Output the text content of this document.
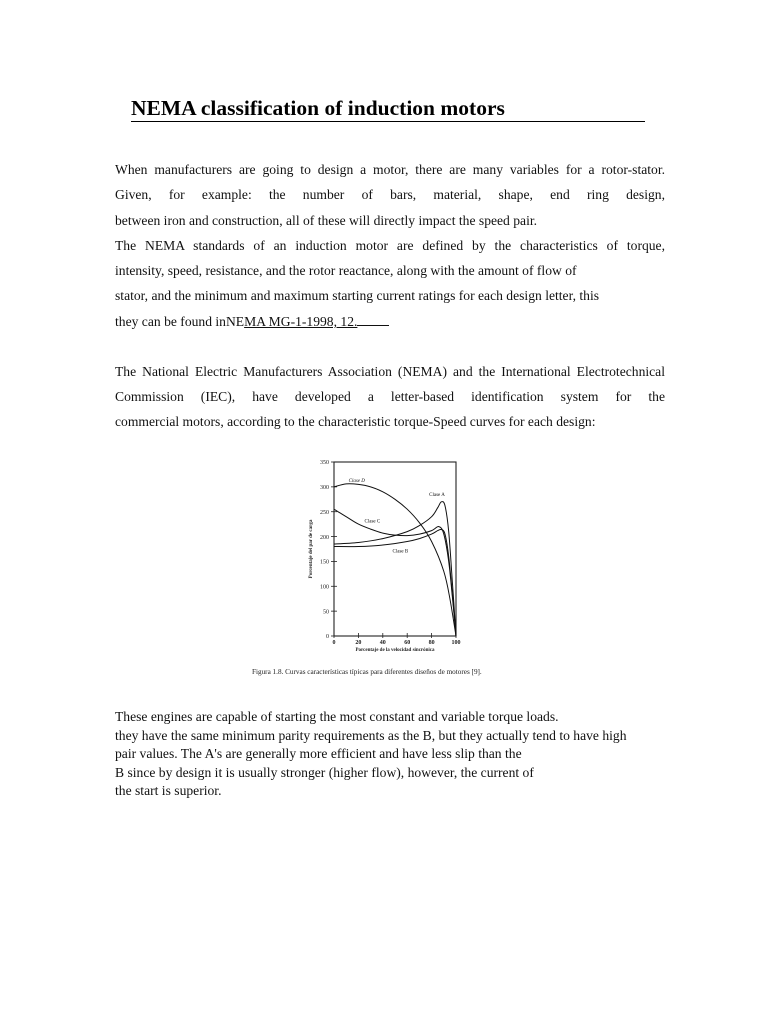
NEMA classification of induction motors
When manufacturers are going to design a motor, there are many variables for a rotor-stator.
Given, for example: the number of bars, material, shape, end ring design,
between iron and construction, all of these will directly impact the speed pair.
The NEMA standards of an induction motor are defined by the characteristics of torque,
intensity, speed, resistance, and the rotor reactance, along with the amount of flow of
stator, and the minimum and maximum starting current ratings for each design letter, this
they can be found inNEMA MG-1-1998, 12.
The National Electric Manufacturers Association (NEMA) and the International Electrotechnical
Commission (IEC), have developed a letter-based identification system for the
commercial motors, according to the characteristic torque-Speed curves for each design:
0
50
100
150
200
250
300
350
0	20	40	60	80	100
Porcentaje de la velocidad sincrónica
Porcentaje del par de carga
Clase D
Clase A
Clase C
Clase B
Figura 1.8. Curvas características típicas para diferentes diseños de motores [9].
These engines are capable of starting the most constant and variable torque loads.
they have the same minimum parity requirements as the B, but they actually tend to have high
pair values. The A's are generally more efficient and have less slip than the
B since by design it is usually stronger (higher flow), however, the current of
the start is superior.
